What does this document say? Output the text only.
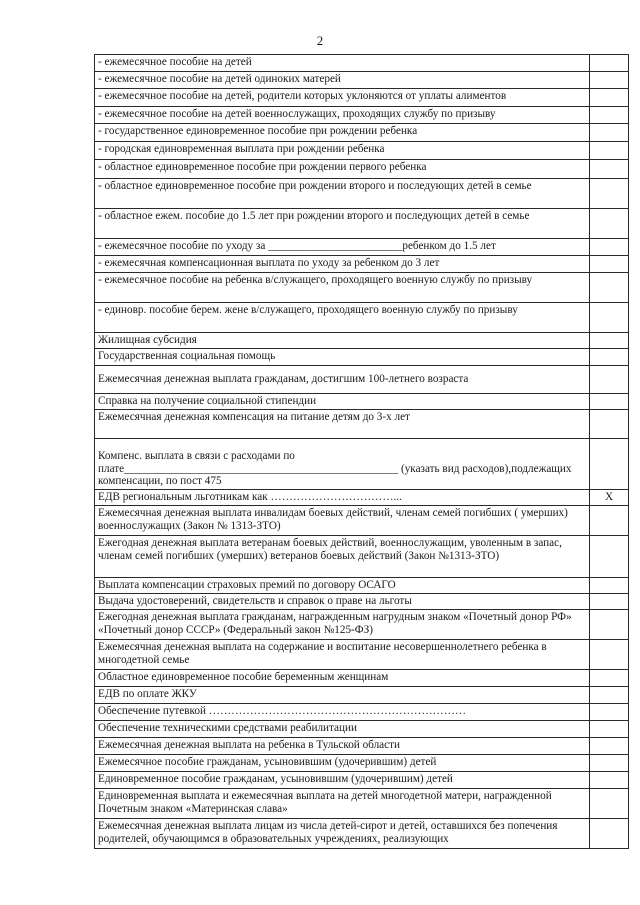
2
- ежемесячное пособие на детей	

- ежемесячное пособие на детей одиноких матерей	

- ежемесячное пособие на детей, родители которых уклоняются от уплаты алиментов	

- ежемесячное пособие на детей военнослужащих, проходящих службу по призыву	

- государственное единовременное пособие при рождении ребенка	

- городская единовременная выплата при рождении ребенка	

- областное единовременное пособие при рождении первого ребенка	

- областное единовременное пособие при рождении второго и последующих детей в семье	

- областное ежем. пособие до 1.5 лет при рождении второго и последующих детей в семье	

- ежемесячное пособие по уходу за ________________________ребенком до 1.5 лет	

- ежемесячная компенсационная выплата по уходу за ребенком до 3 лет	

- ежемесячное пособие на ребенка в/служащего, проходящего военную службу по призыву	

- единовр. пособие берем. жене в/служащего, проходящего военную службу по призыву	

Жилищная субсидия	

Государственная социальная помощь	

Ежемесячная денежная выплата гражданам, достигшим 100-летнего возраста	

Справка на получение социальной стипендии	

Ежемесячная денежная компенсация на питание детям до 3-х лет	

Компенс. выплата в связи с расходами по плате_________________________________________________ (указать вид расходов),подлежащих компенсации, по пост 475	

ЕДВ региональным льготникам как ……………………………...	X

Ежемесячная денежная выплата инвалидам боевых действий, членам семей погибших ( умерших) военнослужащих (Закон № 1313-ЗТО)	

Ежегодная денежная выплата ветеранам боевых действий, военнослужащим, уволенным в запас, членам семей погибших (умерших) ветеранов боевых действий (Закон №1313-ЗТО)	

Выплата компенсации страховых премий по договору ОСАГО	

Выдача удостоверений, свидетельств и справок о праве на льготы	

Ежегодная денежная выплата гражданам, награжденным нагрудным знаком «Почетный донор РФ» «Почетный донор СССР» (Федеральный закон №125-ФЗ)	

Ежемесячная денежная выплата на содержание и воспитание несовершеннолетнего ребенка в многодетной семье	

Областное единовременное пособие беременным женщинам	

ЕДВ по оплате ЖКУ	

Обеспечение путевкой ……………………………………………………………	

Обеспечение техническими средствами реабилитации	

Ежемесячная денежная выплата на ребенка в Тульской области	

Ежемесячное пособие гражданам, усыновившим (удочерившим) детей	

Единовременное пособие гражданам, усыновившим (удочерившим) детей	

Единовременная выплата и ежемесячная выплата на детей многодетной матери, награжденной Почетным знаком «Материнская слава»	

Ежемесячная денежная выплата лицам из числа детей-сирот и детей, оставшихся без попечения родителей, обучающимся в образовательных учреждениях, реализующих	
